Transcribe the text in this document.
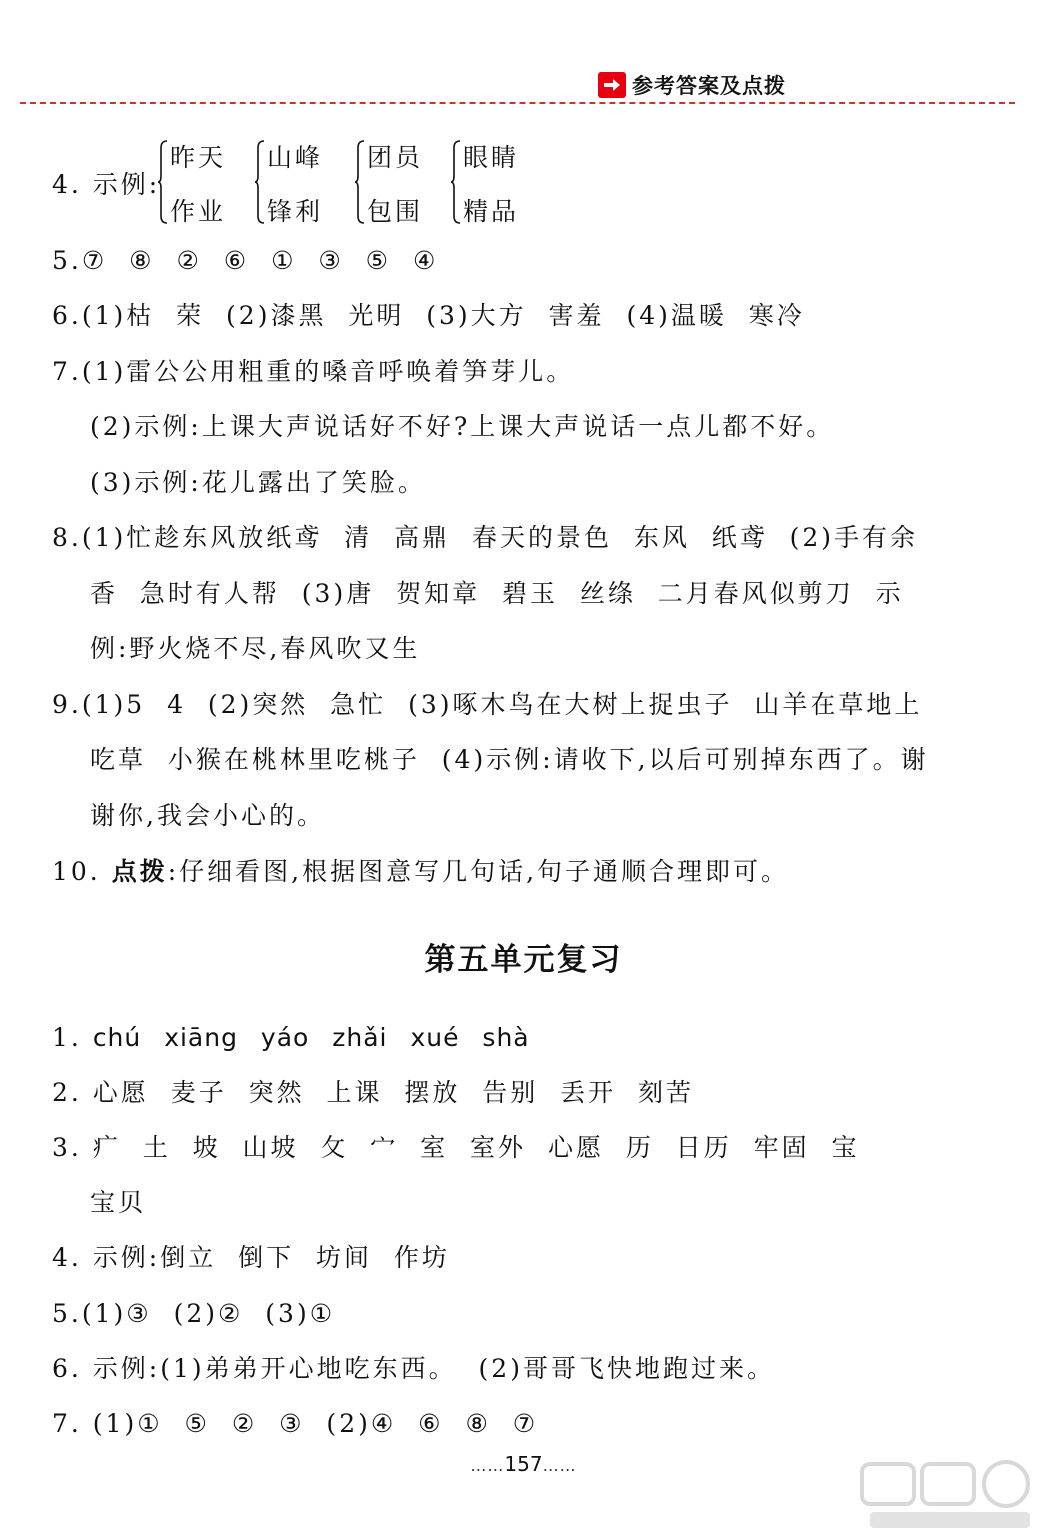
参考答案及点拨
4. 示例:
昨天
作业
山峰
锋利
团员
包围
眼睛
精品
5.⑦  ⑧  ②  ⑥  ①  ③  ⑤  ④
6.(1)枯  荣  (2)漆黑  光明  (3)大方  害羞  (4)温暖  寒冷
7.(1)雷公公用粗重的嗓音呼唤着笋芽儿。
(2)示例:上课大声说话好不好?上课大声说话一点儿都不好。
(3)示例:花儿露出了笑脸。
8.(1)忙趁东风放纸鸢  清  高鼎  春天的景色  东风  纸鸢  (2)手有余
香  急时有人帮  (3)唐  贺知章  碧玉  丝绦  二月春风似剪刀  示
例:野火烧不尽,春风吹又生
9.(1)5  4  (2)突然  急忙  (3)啄木鸟在大树上捉虫子  山羊在草地上
吃草  小猴在桃林里吃桃子  (4)示例:请收下,以后可别掉东西了。谢
谢你,我会小心的。
10. 点拨:仔细看图,根据图意写几句话,句子通顺合理即可。
第五单元复习
1. chú xiāng yáo zhǎi xué shà
2. 心愿  麦子  突然  上课  摆放  告别  丢开  刻苦
3. 疒  土  坡  山坡  攵  宀  室  室外  心愿  历  日历  牢固  宝
宝贝
4. 示例:倒立  倒下  坊间  作坊
5.(1)③  (2)②  (3)①
6. 示例:(1)弟弟开心地吃东西。  (2)哥哥飞快地跑过来。
7. (1)①  ⑤  ②  ③  (2)④  ⑥  ⑧  ⑦
……157……
